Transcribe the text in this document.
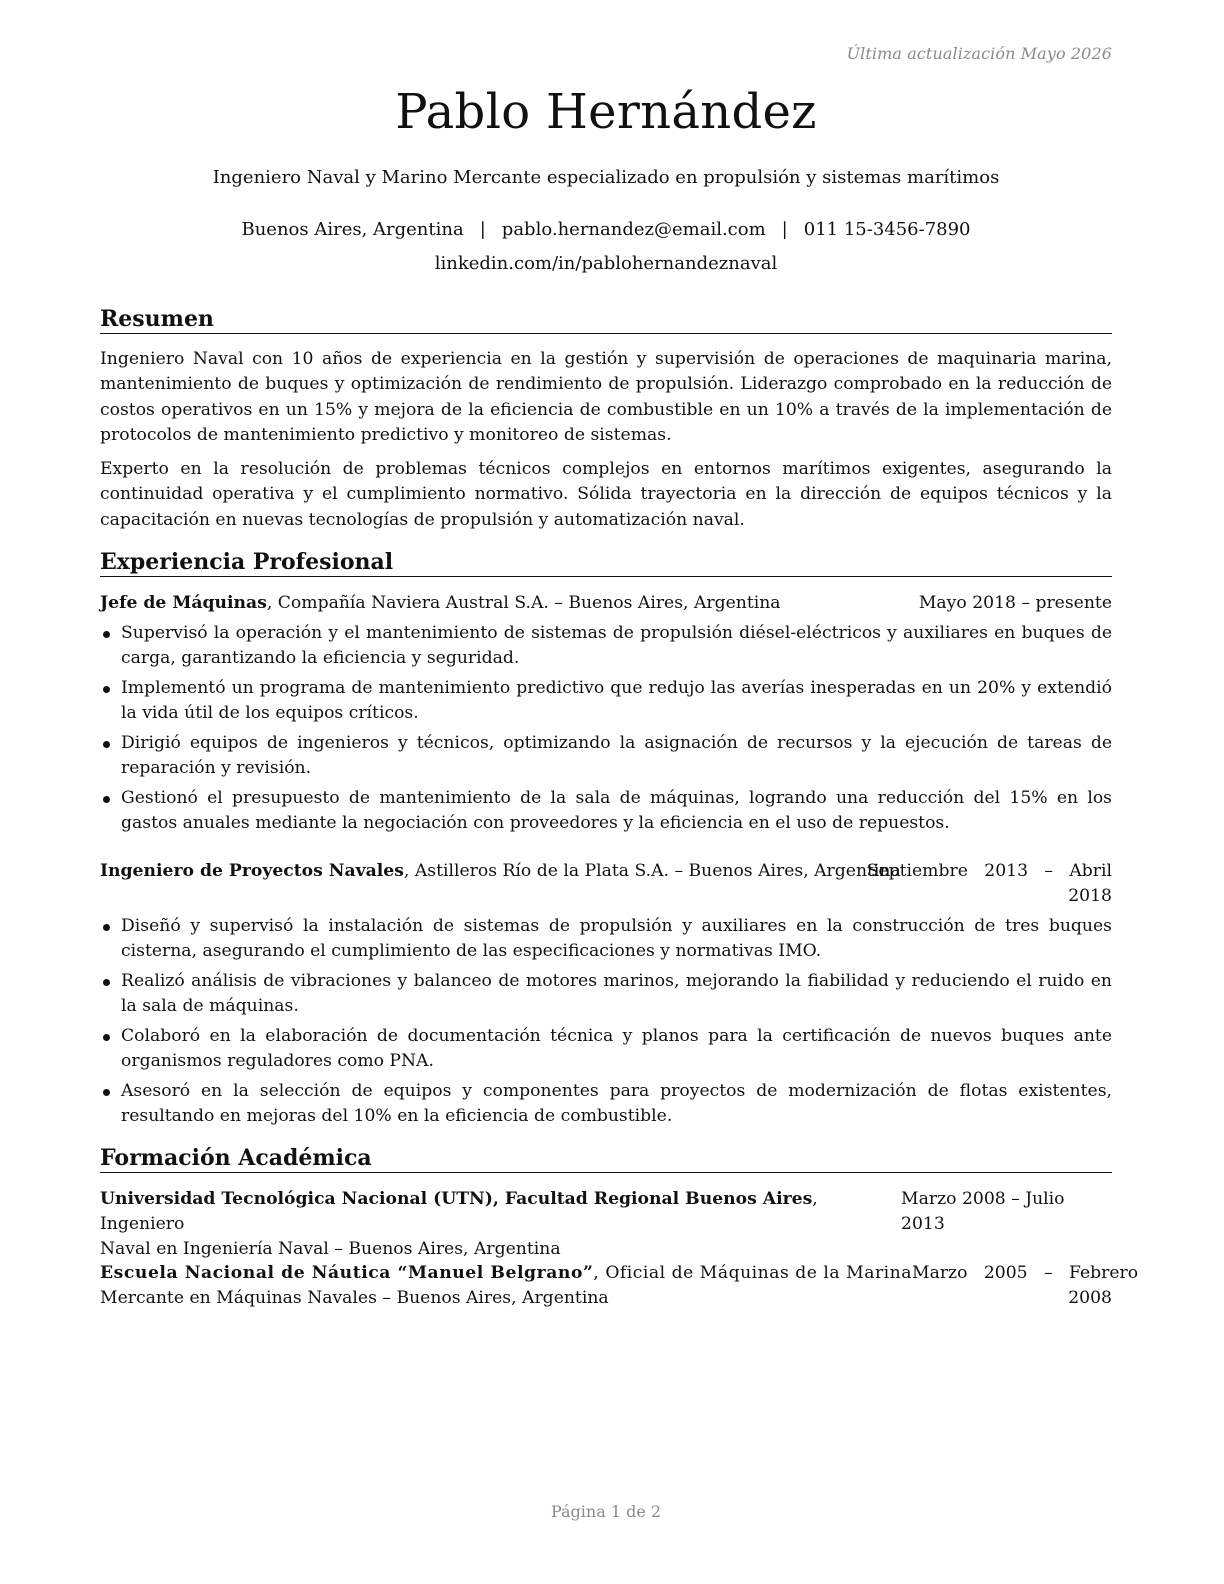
Última actualización Mayo 2026
Pablo Hernández
Ingeniero Naval y Marino Mercante especializado en propulsión y sistemas marítimos
Buenos Aires, Argentina | pablo.hernandez@email.com | 011 15-3456-7890
linkedin.com/in/pablohernandeznaval
Resumen
Ingeniero Naval con 10 años de experiencia en la gestión y supervisión de operaciones de maquinaria marina, mantenimiento de buques y optimización de rendimiento de propulsión. Liderazgo comprobado en la reducción de costos operativos en un 15% y mejora de la eficiencia de combustible en un 10% a través de la implementación de protocolos de mantenimiento predictivo y monitoreo de sistemas.
Experto en la resolución de problemas técnicos complejos en entornos marítimos exigentes, asegurando la continuidad operativa y el cumplimiento normativo. Sólida trayectoria en la dirección de equipos técnicos y la capacitación en nuevas tecnologías de propulsión y automatización naval.
Experiencia Profesional
Jefe de Máquinas, Compañía Naviera Austral S.A. – Buenos Aires, Argentina	Mayo 2018 – presente
Supervisó la operación y el mantenimiento de sistemas de propulsión diésel-eléctricos y auxiliares en buques de carga, garantizando la eficiencia y seguridad.
Implementó un programa de mantenimiento predictivo que redujo las averías inesperadas en un 20% y extendió la vida útil de los equipos críticos.
Dirigió equipos de ingenieros y técnicos, optimizando la asignación de recursos y la ejecución de tareas de reparación y revisión.
Gestionó el presupuesto de mantenimiento de la sala de máquinas, logrando una reducción del 15% en los gastos anuales mediante la negociación con proveedores y la eficiencia en el uso de repuestos.
Ingeniero de Proyectos Navales, Astilleros Río de la Plata S.A. – Buenos Aires, Argentina
Septiembre   2013   –   Abril
2018
Diseñó y supervisó la instalación de sistemas de propulsión y auxiliares en la construcción de tres buques cisterna, asegurando el cumplimiento de las especificaciones y normativas IMO.
Realizó análisis de vibraciones y balanceo de motores marinos, mejorando la fiabilidad y reduciendo el ruido en la sala de máquinas.
Colaboró en la elaboración de documentación técnica y planos para la certificación de nuevos buques ante organismos reguladores como PNA.
Asesoró en la selección de equipos y componentes para proyectos de modernización de flotas existentes, resultando en mejoras del 10% en la eficiencia de combustible.
Formación Académica
Universidad Tecnológica Nacional (UTN), Facultad Regional Buenos Aires, Ingeniero
Marzo 2008 – Julio 2013
Naval en Ingeniería Naval – Buenos Aires, Argentina
Escuela Nacional de Náutica “Manuel Belgrano”, Oficial de Máquinas de la Marina Marzo   2005   –   Febrero
Mercante en Máquinas Navales – Buenos Aires, Argentina	2008
Página 1 de 2
